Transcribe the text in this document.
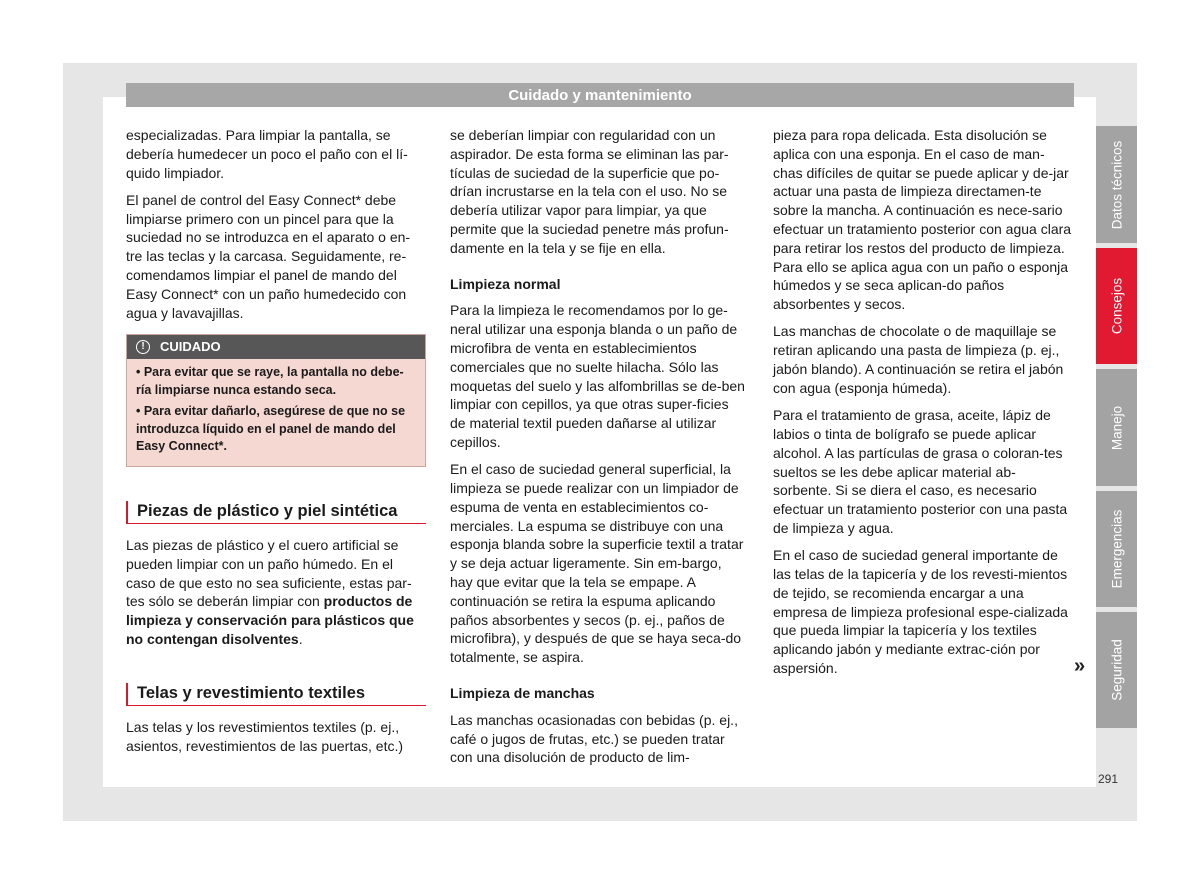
Cuidado y mantenimiento

especializadas. Para limpiar la pantalla, se debería humedecer un poco el paño con el lí-quido limpiador.

El panel de control del Easy Connect* debe limpiarse primero con un pincel para que la suciedad no se introduzca en el aparato o en-tre las teclas y la carcasa. Seguidamente, re-comendamos limpiar el panel de mando del Easy Connect* con un paño humedecido con agua y lavavajillas.

!	CUIDADO
• Para evitar que se raye, la pantalla no debe-ría limpiarse nunca estando seca.
• Para evitar dañarlo, asegúrese de que no se introduzca líquido en el panel de mando del Easy Connect*.
Piezas de plástico y piel sintética

Las piezas de plástico y el cuero artificial se pueden limpiar con un paño húmedo. En el caso de que esto no sea suficiente, estas par-tes sólo se deberán limpiar con productos de limpieza y conservación para plásticos que no contengan disolventes.

Telas y revestimiento textiles

Las telas y los revestimientos textiles (p. ej., asientos, revestimientos de las puertas, etc.)

se deberían limpiar con regularidad con un aspirador. De esta forma se eliminan las par-tículas de suciedad de la superficie que po-drían incrustarse en la tela con el uso. No se debería utilizar vapor para limpiar, ya que permite que la suciedad penetre más profun-damente en la tela y se fije en ella.

Limpieza normal

Para la limpieza le recomendamos por lo ge-neral utilizar una esponja blanda o un paño de microfibra de venta en establecimientos comerciales que no suelte hilacha. Sólo las moquetas del suelo y las alfombrillas se de-ben limpiar con cepillos, ya que otras super-ficies de material textil pueden dañarse al utilizar cepillos.

En el caso de suciedad general superficial, la limpieza se puede realizar con un limpiador de espuma de venta en establecimientos co-merciales. La espuma se distribuye con una esponja blanda sobre la superficie textil a tratar y se deja actuar ligeramente. Sin em-bargo, hay que evitar que la tela se empape. A continuación se retira la espuma aplicando paños absorbentes y secos (p. ej., paños de microfibra), y después de que se haya seca-do totalmente, se aspira.

Limpieza de manchas

Las manchas ocasionadas con bebidas (p. ej., café o jugos de frutas, etc.) se pueden tratar con una disolución de producto de lim-

pieza para ropa delicada. Esta disolución se aplica con una esponja. En el caso de man-chas difíciles de quitar se puede aplicar y de-jar actuar una pasta de limpieza directamen-te sobre la mancha. A continuación es nece-sario efectuar un tratamiento posterior con agua clara para retirar los restos del producto de limpieza. Para ello se aplica agua con un paño o esponja húmedos y se seca aplican-do paños absorbentes y secos.

Las manchas de chocolate o de maquillaje se retiran aplicando una pasta de limpieza (p. ej., jabón blando). A continuación se retira el jabón con agua (esponja húmeda).

Para el tratamiento de grasa, aceite, lápiz de labios o tinta de bolígrafo se puede aplicar alcohol. A las partículas de grasa o coloran-tes sueltos se les debe aplicar material ab-sorbente. Si se diera el caso, es necesario efectuar un tratamiento posterior con una pasta de limpieza y agua.

En el caso de suciedad general importante de las telas de la tapicería y de los revesti-mientos de tejido, se recomienda encargar a una empresa de limpieza profesional espe-cializada que pueda limpiar la tapicería y los textiles aplicando jabón y mediante extrac-ción por aspersión.	»
Datos técnicos
Consejos
Manejo
Emergencias
Seguridad
291
